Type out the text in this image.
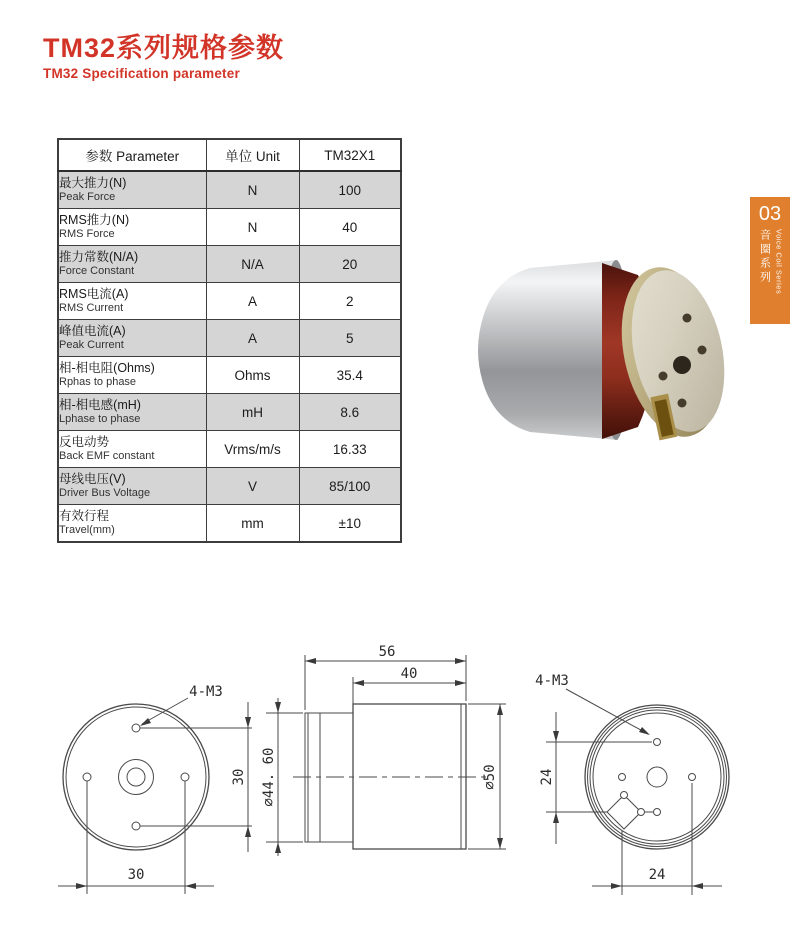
TM32系列规格参数
TM32 Specification parameter
参数 Parameter	单位 Unit	TM32X1

最大推力(N)
Peak Force	N	100

RMS推力(N)
RMS Force	N	40

推力常数(N/A)
Force Constant	N/A	20

RMS电流(A)
RMS Current	A	2

峰值电流(A)
Peak Current	A	5

相-相电阻(Ohms)
Rphas to phase	Ohms	35.4

相-相电感(mH)
Lphase to phase	mH	8.6

反电动势
Back EMF constant	Vrms/m/s	16.33

母线电压(V)
Driver Bus Voltage	V	85/100

有效行程
Travel(mm)	mm	±10
03
音圈系列 Voice Coil Series
4-M3
30
30
56
40
∅44. 60	∅50	24
4-M3
24
